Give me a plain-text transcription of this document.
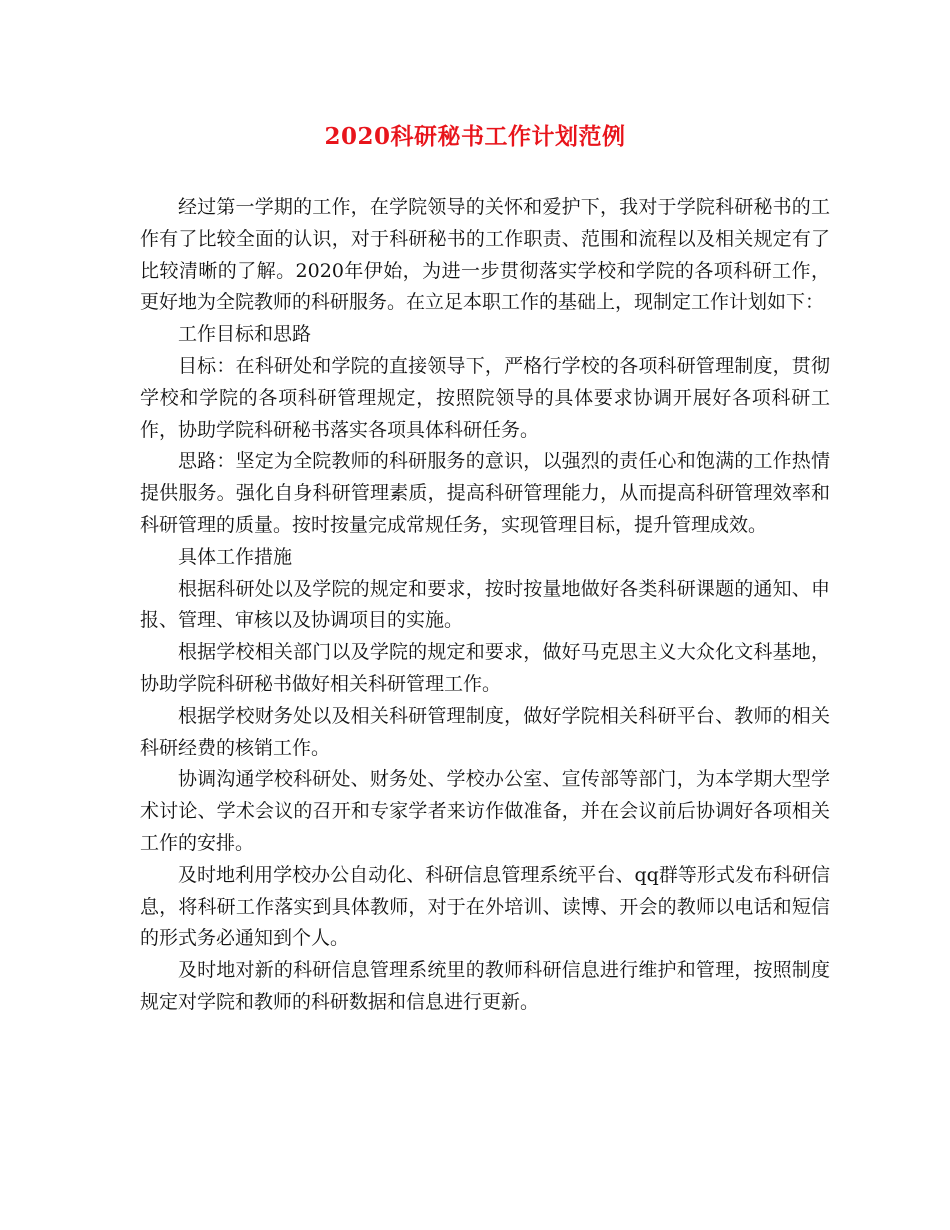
2020科研秘书工作计划范例

经过第一学期的工作，在学院领导的关怀和爱护下，我对于学院科研秘书的工作有了比较全面的认识，对于科研秘书的工作职责、范围和流程以及相关规定有了比较清晰的了解。2020年伊始，为进一步贯彻落实学校和学院的各项科研工作，更好地为全院教师的科研服务。在立足本职工作的基础上，现制定工作计划如下：

工作目标和思路

目标：在科研处和学院的直接领导下，严格行学校的各项科研管理制度，贯彻学校和学院的各项科研管理规定，按照院领导的具体要求协调开展好各项科研工作，协助学院科研秘书落实各项具体科研任务。

思路：坚定为全院教师的科研服务的意识，以强烈的责任心和饱满的工作热情提供服务。强化自身科研管理素质，提高科研管理能力，从而提高科研管理效率和科研管理的质量。按时按量完成常规任务，实现管理目标，提升管理成效。

具体工作措施

根据科研处以及学院的规定和要求，按时按量地做好各类科研课题的通知、申报、管理、审核以及协调项目的实施。

根据学校相关部门以及学院的规定和要求，做好马克思主义大众化文科基地，协助学院科研秘书做好相关科研管理工作。

根据学校财务处以及相关科研管理制度，做好学院相关科研平台、教师的相关科研经费的核销工作。

协调沟通学校科研处、财务处、学校办公室、宣传部等部门，为本学期大型学术讨论、学术会议的召开和专家学者来访作做准备，并在会议前后协调好各项相关工作的安排。

及时地利用学校办公自动化、科研信息管理系统平台、qq群等形式发布科研信息，将科研工作落实到具体教师，对于在外培训、读博、开会的教师以电话和短信的形式务必通知到个人。

及时地对新的科研信息管理系统里的教师科研信息进行维护和管理，按照制度规定对学院和教师的科研数据和信息进行更新。
